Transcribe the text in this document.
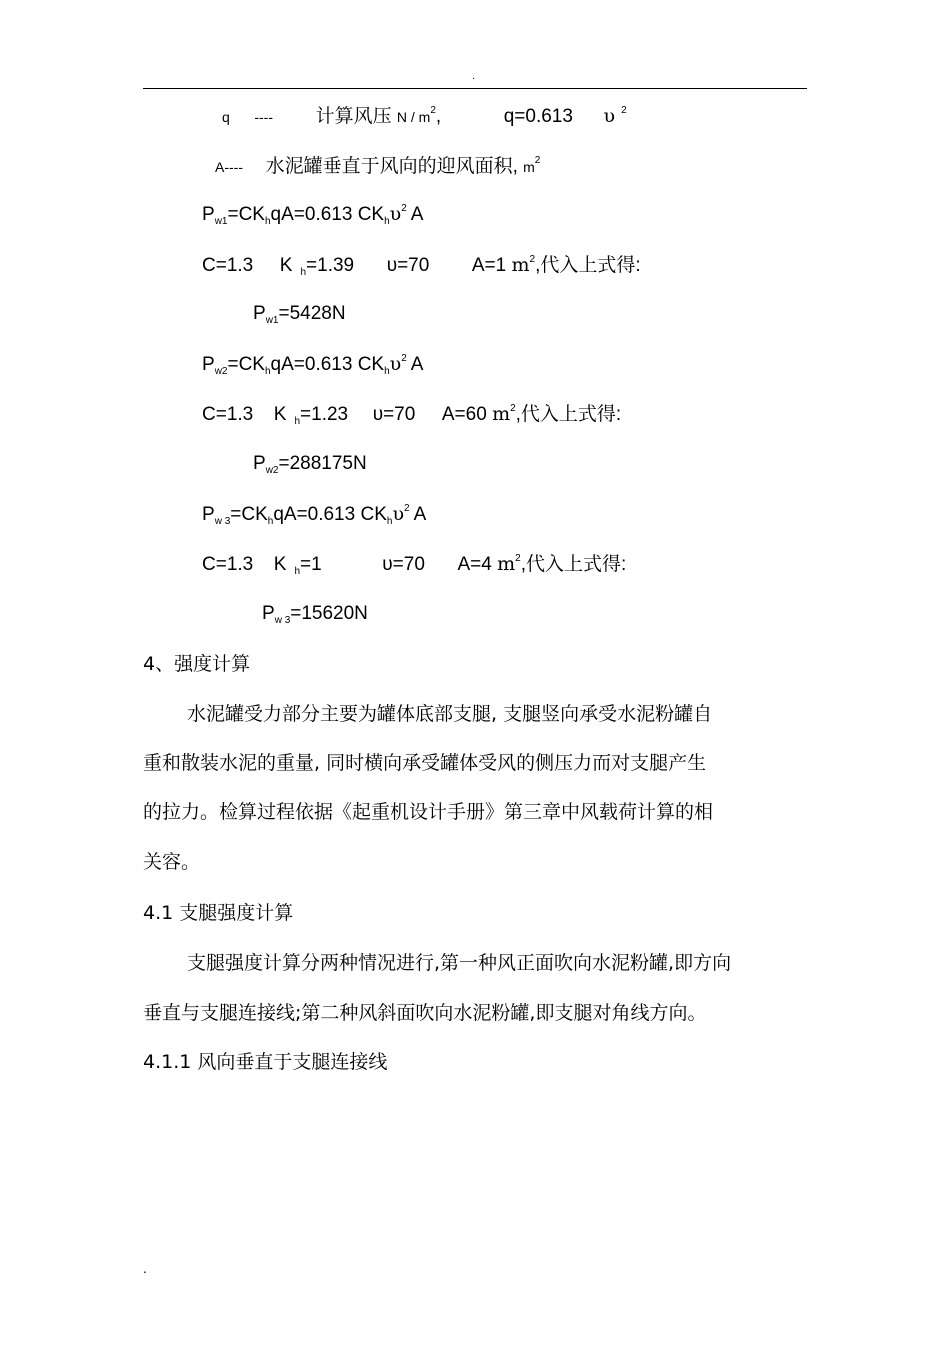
.
q ---- 计算风压 N / $m^2$,	q=0.613 υ $^2$
A---- 水泥罐垂直于风向的迎风面积, $m^2$
$P_{w1}=CK_hqA=0.613$ $CK_h\upsilon^2$ A
C=1.3 K $_h$=1.39 υ=70 A=1 $m^2$,代入上式得:
$P_{w1}=5428N$
$P_{w2}=CK_hqA=0.613$ $CK_h\upsilon^2$ A
C=1.3 K $_h$=1.23 υ=70 A=60 $m^2$,代入上式得:
$P_{w2}=288175N$
$P_{w 3}=CK_hqA=0.613$ $CK_h\upsilon^2$ A
C=1.3 K $_h$=1	υ=70 A=4 $m^2$,代入上式得:
$P_{w 3}=15620N$
4、强度计算
水泥罐受力部分主要为罐体底部支腿, 支腿竖向承受水泥粉罐自
重和散装水泥的重量, 同时横向承受罐体受风的侧压力而对支腿产生
的拉力。检算过程依据《起重机设计手册》第三章中风载荷计算的相
关容。
4.1 支腿强度计算
支腿强度计算分两种情况进行,第一种风正面吹向水泥粉罐,即方向
垂直与支腿连接线;第二种风斜面吹向水泥粉罐,即支腿对角线方向。
4.1.1 风向垂直于支腿连接线
.
